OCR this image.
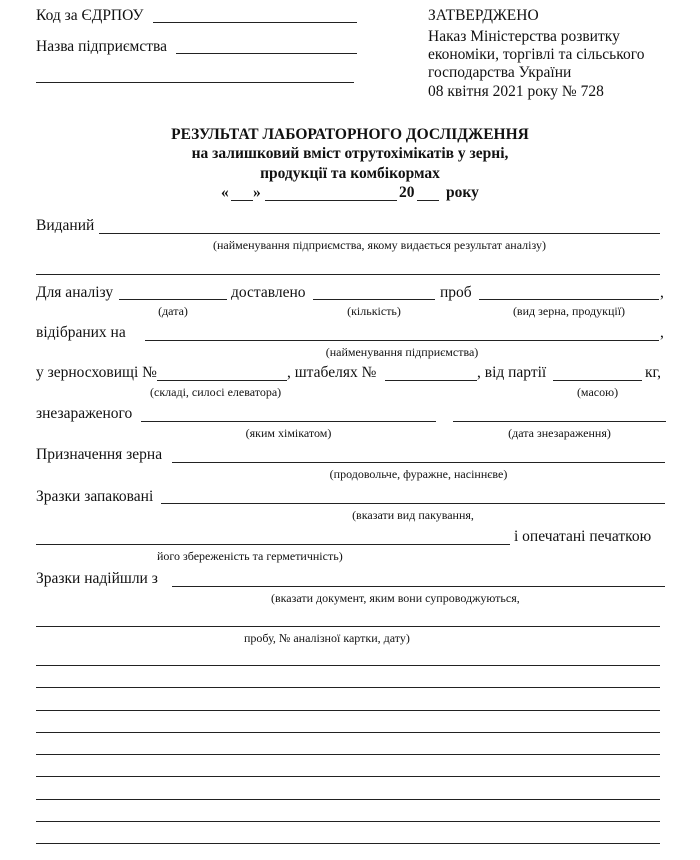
Код за ЄДРПОУ
Назва підприємства
ЗАТВЕРДЖЕНО
Наказ Міністерства розвитку
економіки, торгівлі та сільського
господарства України
08 квітня 2021 року № 728
РЕЗУЛЬТАТ ЛАБОРАТОРНОГО ДОСЛІДЖЕННЯ
на залишковий вміст отрутохімікатів у зерні,
продукції та комбікормах
« »	20 року
Виданий
(найменування підприємства, якому видається результат аналізу)
Для аналізу	доставлено	проб	,
(дата)	(кількість)	(вид зерна, продукції)
відібраних на	,
(найменування підприємства)
у зерносховищі №	, штабелях №	, від партії	кг,
(складі, силосі елеватора)	(масою)
знезараженого
(яким хімікатом)	(дата знезараження)
Призначення зерна
(продовольче, фуражне, насіннєве)
Зразки запаковані
(вказати вид пакування,
і опечатані печаткою
його збереженість та герметичність)
Зразки надійшли з
(вказати документ, яким вони супроводжуються,
пробу, № аналізної картки, дату)
